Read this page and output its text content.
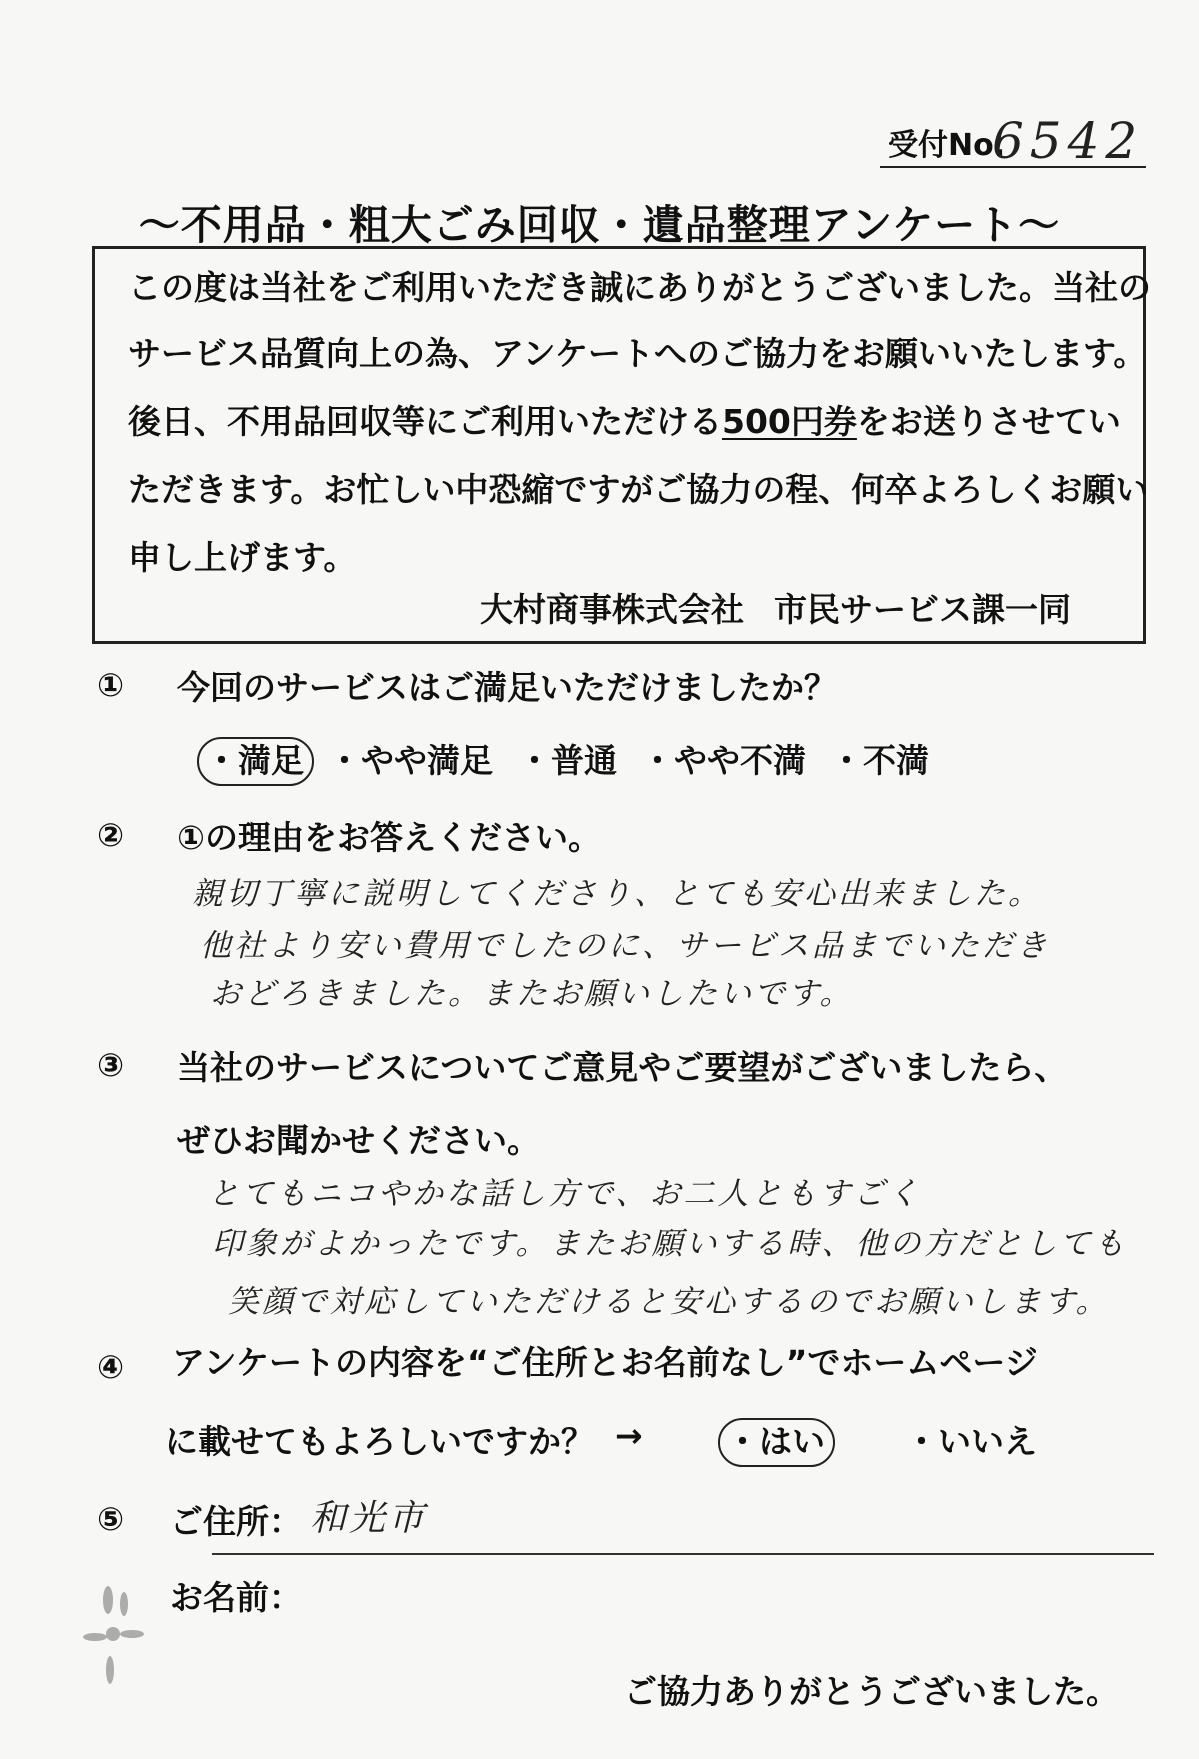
受付No.
6542
～不用品・粗大ごみ回収・遺品整理アンケート～
この度は当社をご利用いただき誠にありがとうございました。当社の
サービス品質向上の為、アンケートへのご協力をお願いいたします。
後日、不用品回収等にご利用いただける500円券をお送りさせてい
ただきます。お忙しい中恐縮ですがご協力の程、何卒よろしくお願い
申し上げます。
大村商事株式会社 市民サービス課一同
① 今回のサービスはご満足いただけましたか？
・満足 ・やや満足 ・普通 ・やや不満 ・不満
② ①の理由をお答えください。
親切丁寧に説明してくださり、とても安心出来ました。
他社より安い費用でしたのに、サービス品までいただき
おどろきました。またお願いしたいです。
③ 当社のサービスについてご意見やご要望がございましたら、
ぜひお聞かせください。
とてもニコやかな話し方で、お二人ともすごく
印象がよかったです。またお願いする時、他の方だとしても
笑顔で対応していただけると安心するのでお願いします。
④ アンケートの内容を“ご住所とお名前なし”でホームページ
に載せてもよろしいですか？ →	・はい	・いいえ
⑤ ご住所： 和光市
お名前：
ご協力ありがとうございました。
